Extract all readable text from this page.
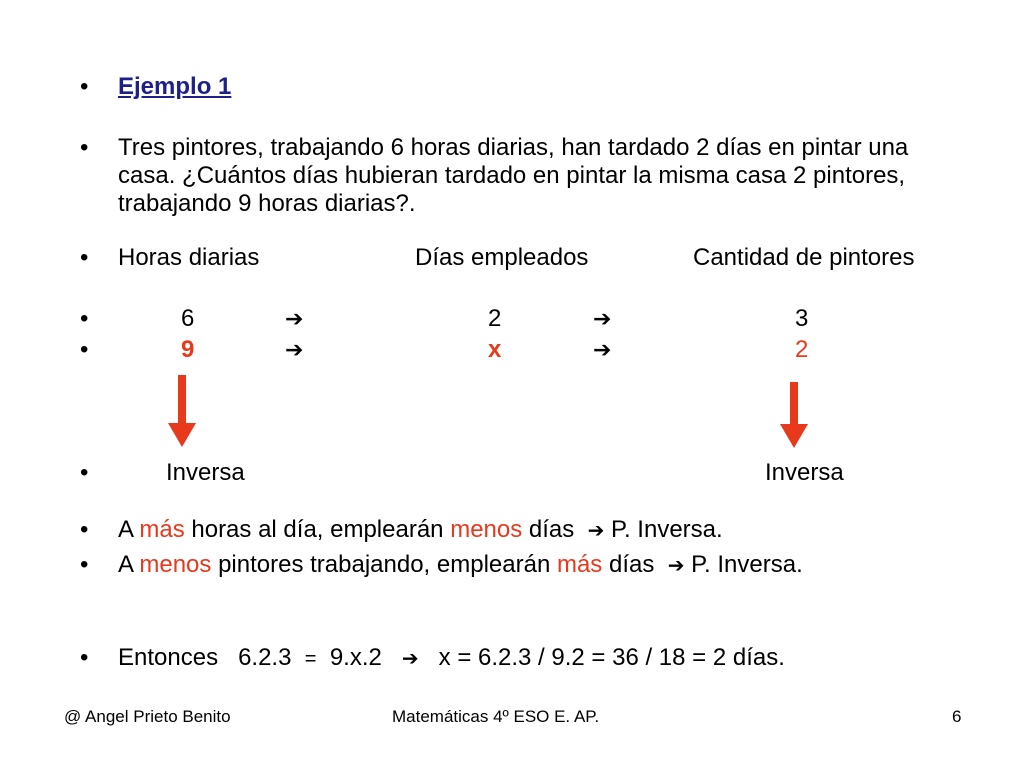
•
•
•
•
•
•
•
•
•
Ejemplo 1
Tres pintores, trabajando 6 horas diarias, han tardado 2 días en pintar una
casa. ¿Cuántos días hubieran tardado en pintar la misma casa 2 pintores,
trabajando 9 horas diarias?.
Horas diarias	Días empleados	Cantidad de pintores
6	➔	2	➔	3
9	➔	x	➔	2
Inversa	Inversa
A más horas al día, emplearán menos días ➔ P. Inversa.
A menos pintores trabajando, emplearán más días ➔ P. Inversa.
Entonces   6.2.3 = 9.x.2 ➔ x = 6.2.3 / 9.2 = 36 / 18 = 2 días.
@ Angel Prieto Benito	Matemáticas 4º ESO E. AP.	6
